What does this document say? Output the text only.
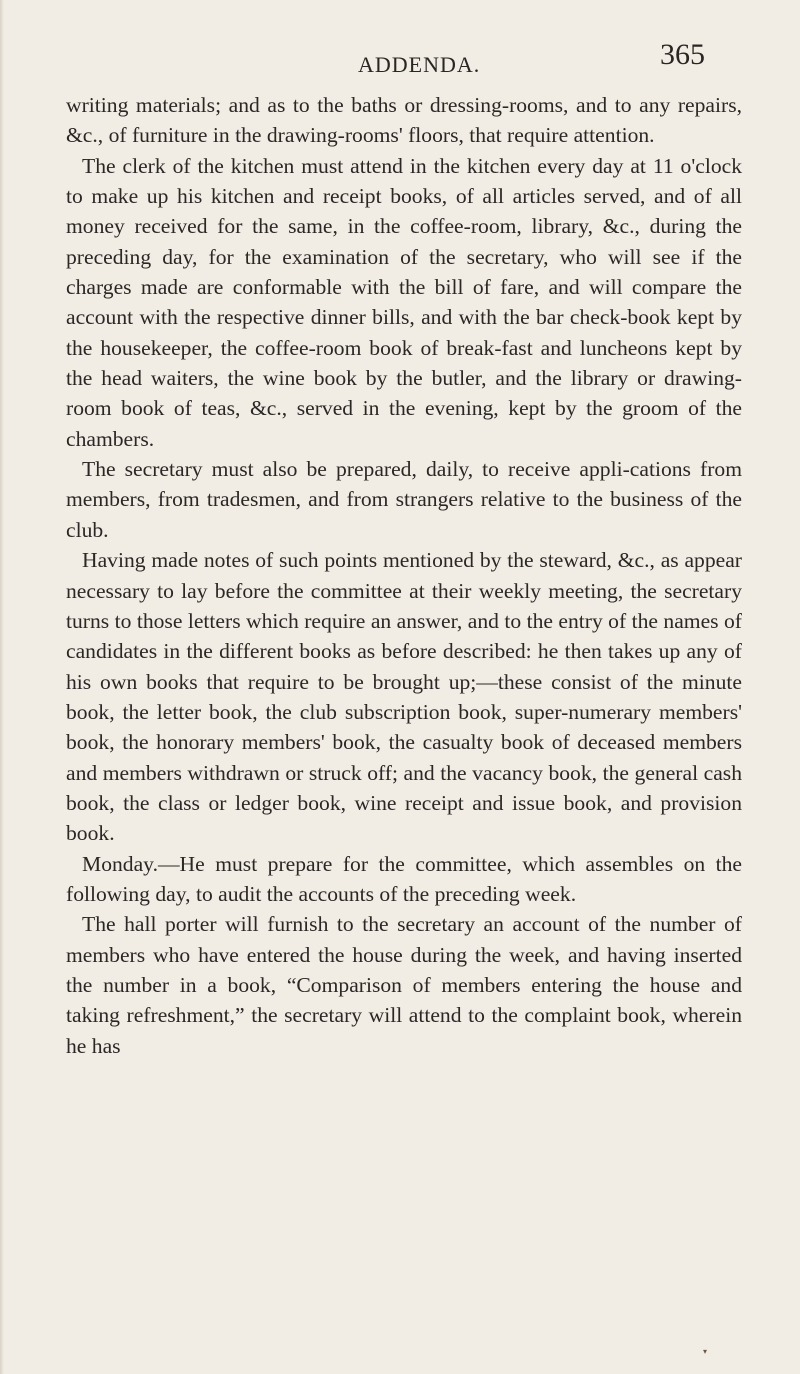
ADDENDA.	365

writing materials; and as to the baths or dressing-rooms, and to any repairs, &c., of furniture in the drawing-rooms' floors, that require attention.

The clerk of the kitchen must attend in the kitchen every day at 11 o'clock to make up his kitchen and receipt books, of all articles served, and of all money received for the same, in the coffee-room, library, &c., during the preceding day, for the examination of the secretary, who will see if the charges made are conformable with the bill of fare, and will compare the account with the respective dinner bills, and with the bar check-book kept by the housekeeper, the coffee-room book of break-fast and luncheons kept by the head waiters, the wine book by the butler, and the library or drawing-room book of teas, &c., served in the evening, kept by the groom of the chambers.

The secretary must also be prepared, daily, to receive appli-cations from members, from tradesmen, and from strangers relative to the business of the club.

Having made notes of such points mentioned by the steward, &c., as appear necessary to lay before the committee at their weekly meeting, the secretary turns to those letters which require an answer, and to the entry of the names of candidates in the different books as before described: he then takes up any of his own books that require to be brought up;—these consist of the minute book, the letter book, the club subscription book, super-numerary members' book, the honorary members' book, the casualty book of deceased members and members withdrawn or struck off; and the vacancy book, the general cash book, the class or ledger book, wine receipt and issue book, and provision book.

Monday.—He must prepare for the committee, which assembles on the following day, to audit the accounts of the preceding week.

The hall porter will furnish to the secretary an account of the number of members who have entered the house during the week, and having inserted the number in a book, “Comparison of members entering the house and taking refreshment,” the secretary will attend to the complaint book, wherein he has

▾
